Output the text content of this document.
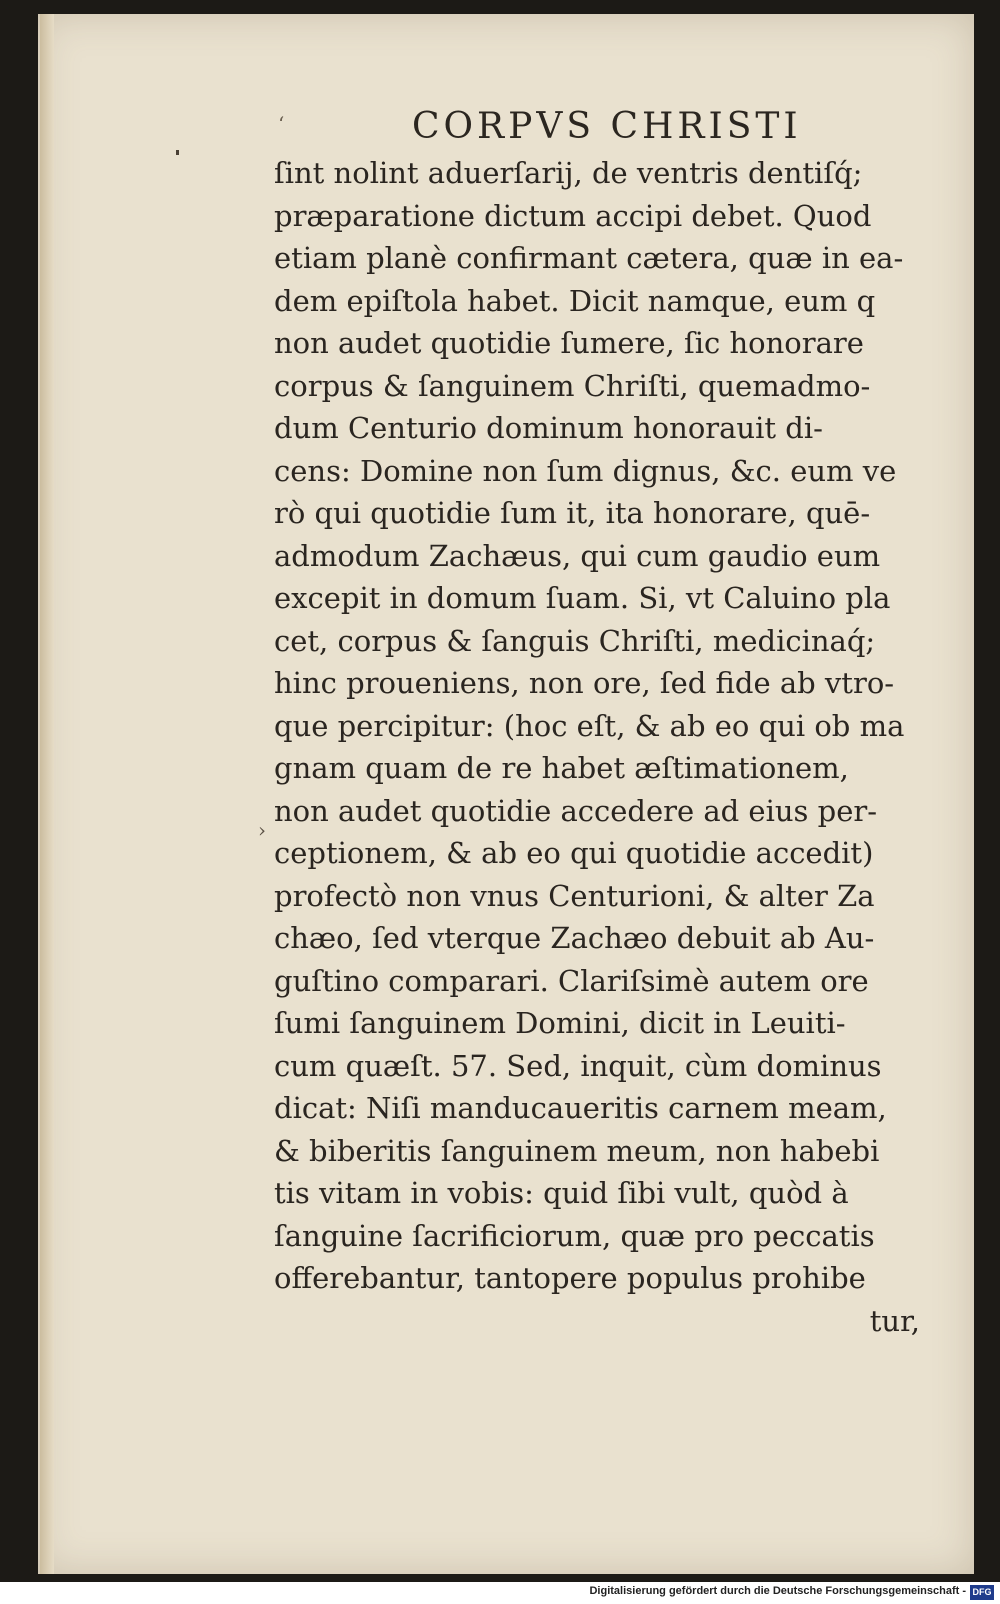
ʻ
›
CORPVS CHRISTI
ſint nolint aduerſarij, de ventris dentiſq́;
præparatione dictum accipi debet. Quod
etiam planè confirmant cætera, quæ in ea-
dem epiſtola habet. Dicit namque, eum q
non audet quotidie ſumere, ſic honorare
corpus & ſanguinem Chriſti, quemadmo-
dum Centurio dominum honorauit di-
cens: Domine non ſum dignus, &c. eum ve
rò qui quotidie ſum it, ita honorare, quē-
admodum Zachæus, qui cum gaudio eum
excepit in domum ſuam. Si, vt Caluino pla
cet, corpus & ſanguis Chriſti, medicinaq́;
hinc proueniens, non ore, ſed fide ab vtro-
que percipitur: (hoc eſt, & ab eo qui ob ma
gnam quam de re habet æſtimationem,
non audet quotidie accedere ad eius per-
ceptionem, & ab eo qui quotidie accedit)
profectò non vnus Centurioni, & alter Za
chæo, ſed vterque Zachæo debuit ab Au-
guſtino comparari. Clariſsimè autem ore
ſumi ſanguinem Domini, dicit in Leuiti-
cum quæſt. 57. Sed, inquit, cùm dominus
dicat: Niſi manducaueritis carnem meam,
& biberitis ſanguinem meum, non habebi
tis vitam in vobis: quid ſibi vult, quòd à
ſanguine ſacrificiorum, quæ pro peccatis
offerebantur, tantopere populus prohibe
tur,
Digitalisierung gefördert durch die Deutsche Forschungsgemeinschaft - DFG
